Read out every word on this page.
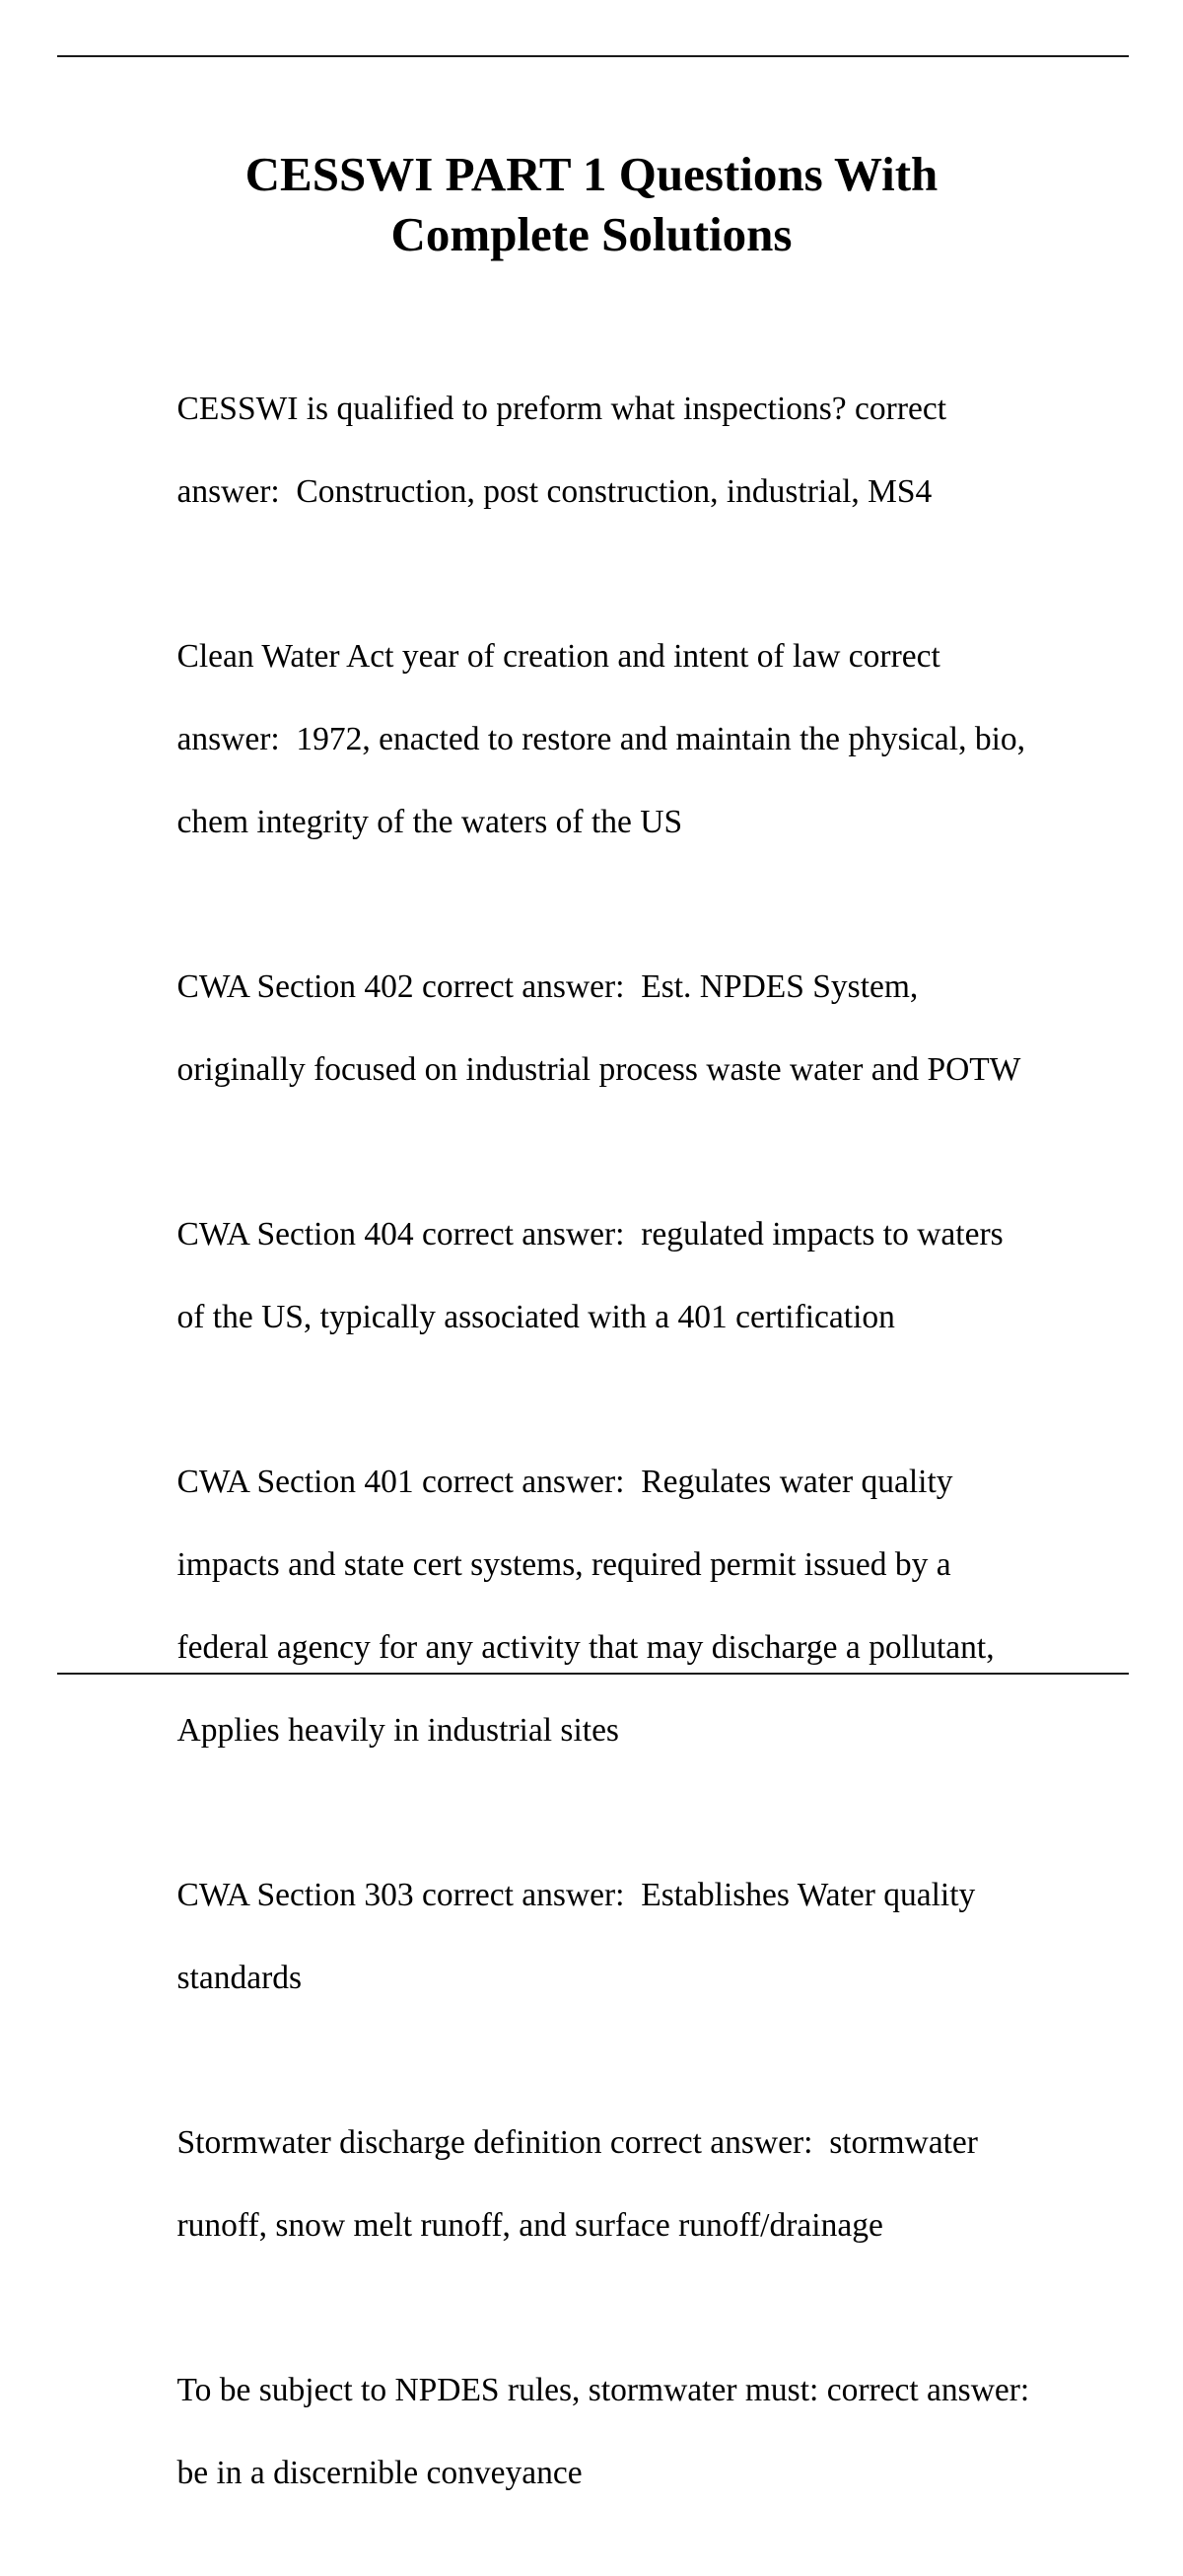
CESSWI PART 1 Questions With
Complete Solutions

CESSWI is qualified to preform what inspections? correct

answer:  Construction, post construction, industrial, MS4

Clean Water Act year of creation and intent of law correct

answer:  1972, enacted to restore and maintain the physical, bio,

chem integrity of the waters of the US

CWA Section 402 correct answer:  Est. NPDES System,

originally focused on industrial process waste water and POTW

CWA Section 404 correct answer:  regulated impacts to waters

of the US, typically associated with a 401 certification

CWA Section 401 correct answer:  Regulates water quality

impacts and state cert systems, required permit issued by a

federal agency for any activity that may discharge a pollutant,

Applies heavily in industrial sites

CWA Section 303 correct answer:  Establishes Water quality

standards

Stormwater discharge definition correct answer:  stormwater

runoff, snow melt runoff, and surface runoff/drainage

To be subject to NPDES rules, stormwater must: correct answer:

be in a discernible conveyance
